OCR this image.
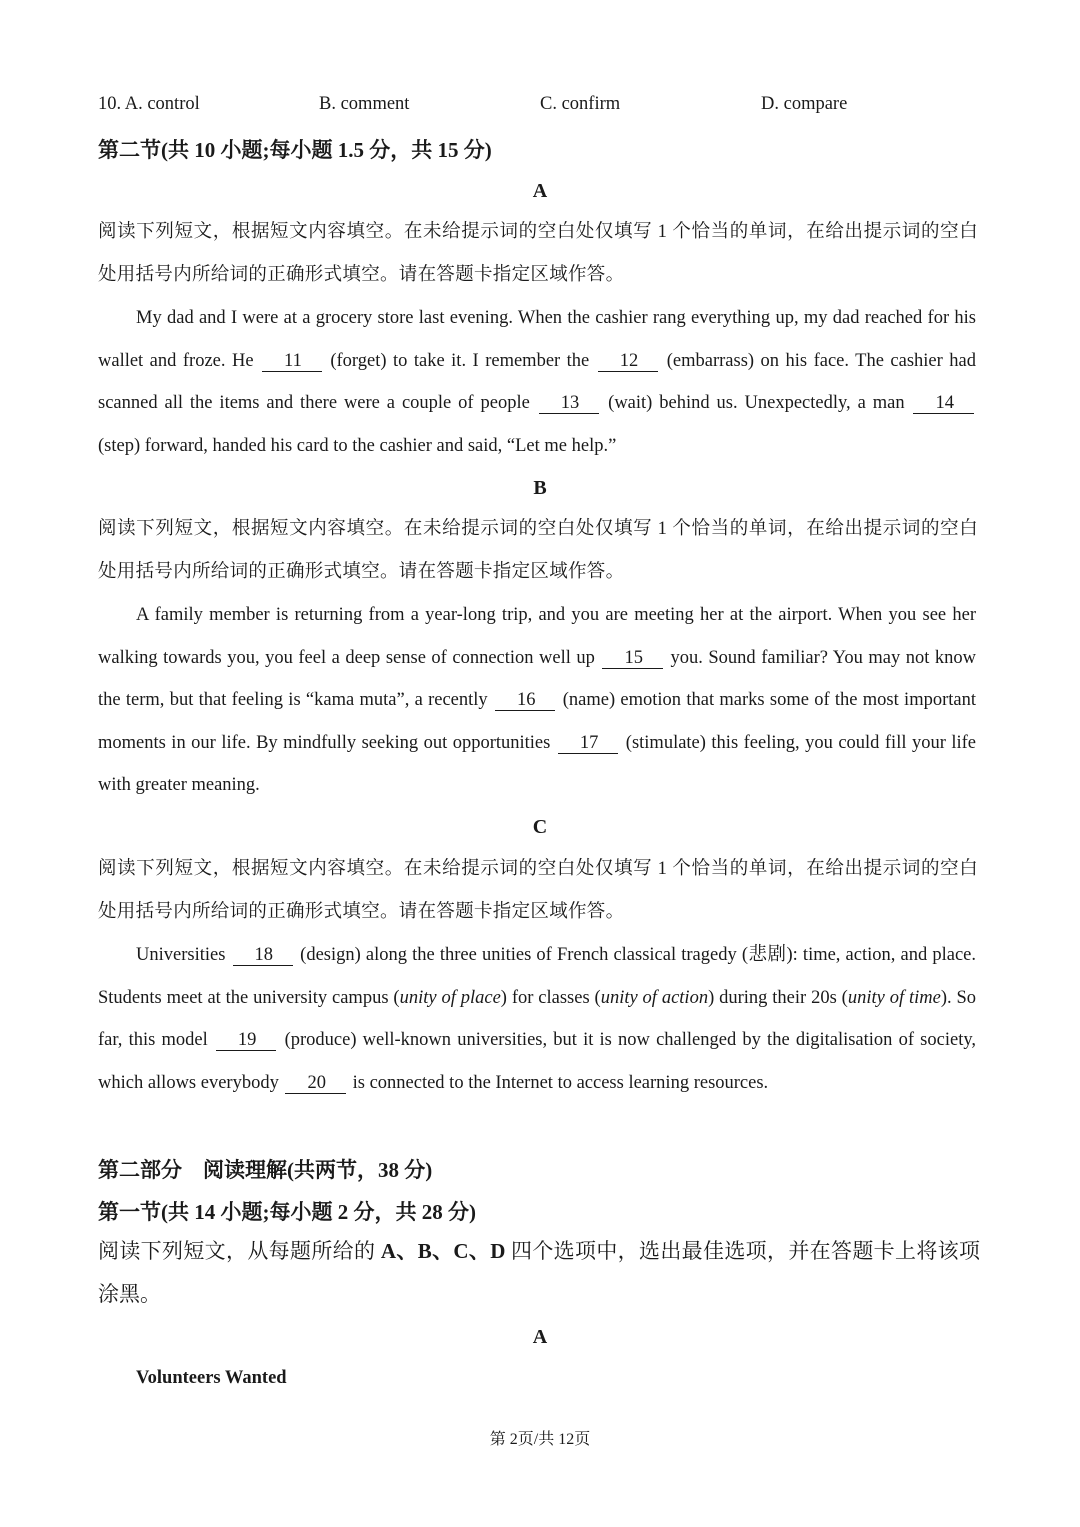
10. A. control	B. comment	C. confirm	D. compare
第二节(共 10 小题;每小题 1.5 分，共 15 分)
A
阅读下列短文，根据短文内容填空。在未给提示词的空白处仅填写 1 个恰当的单词，在给出提示词的空白处用括号内所给词的正确形式填空。请在答题卡指定区域作答。
My dad and I were at a grocery store last evening. When the cashier rang everything up, my dad reached for his wallet and froze. He 11 (forget) to take it. I remember the 12 (embarrass) on his face. The cashier had scanned all the items and there were a couple of people 13 (wait) behind us. Unexpectedly, a man 14 (step) forward, handed his card to the cashier and said, “Let me help.”
B
阅读下列短文，根据短文内容填空。在未给提示词的空白处仅填写 1 个恰当的单词，在给出提示词的空白处用括号内所给词的正确形式填空。请在答题卡指定区域作答。
A family member is returning from a year-long trip, and you are meeting her at the airport. When you see her walking towards you, you feel a deep sense of connection well up 15 you. Sound familiar? You may not know the term, but that feeling is “kama muta”, a recently 16 (name) emotion that marks some of the most important moments in our life. By mindfully seeking out opportunities 17 (stimulate) this feeling, you could fill your life with greater meaning.
C
阅读下列短文，根据短文内容填空。在未给提示词的空白处仅填写 1 个恰当的单词，在给出提示词的空白处用括号内所给词的正确形式填空。请在答题卡指定区域作答。
Universities 18 (design) along the three unities of French classical tragedy (悲剧): time, action, and place. Students meet at the university campus (unity of place) for classes (unity of action) during their 20s (unity of time). So far, this model 19 (produce) well-known universities, but it is now challenged by the digitalisation of society, which allows everybody 20 is connected to the Internet to access learning resources.
第二部分　阅读理解(共两节，38 分)
第一节(共 14 小题;每小题 2 分，共 28 分)
阅读下列短文，从每题所给的 A、B、C、D 四个选项中，选出最佳选项，并在答题卡上将该项涂黑。
A
Volunteers Wanted
第 2页/共 12页
